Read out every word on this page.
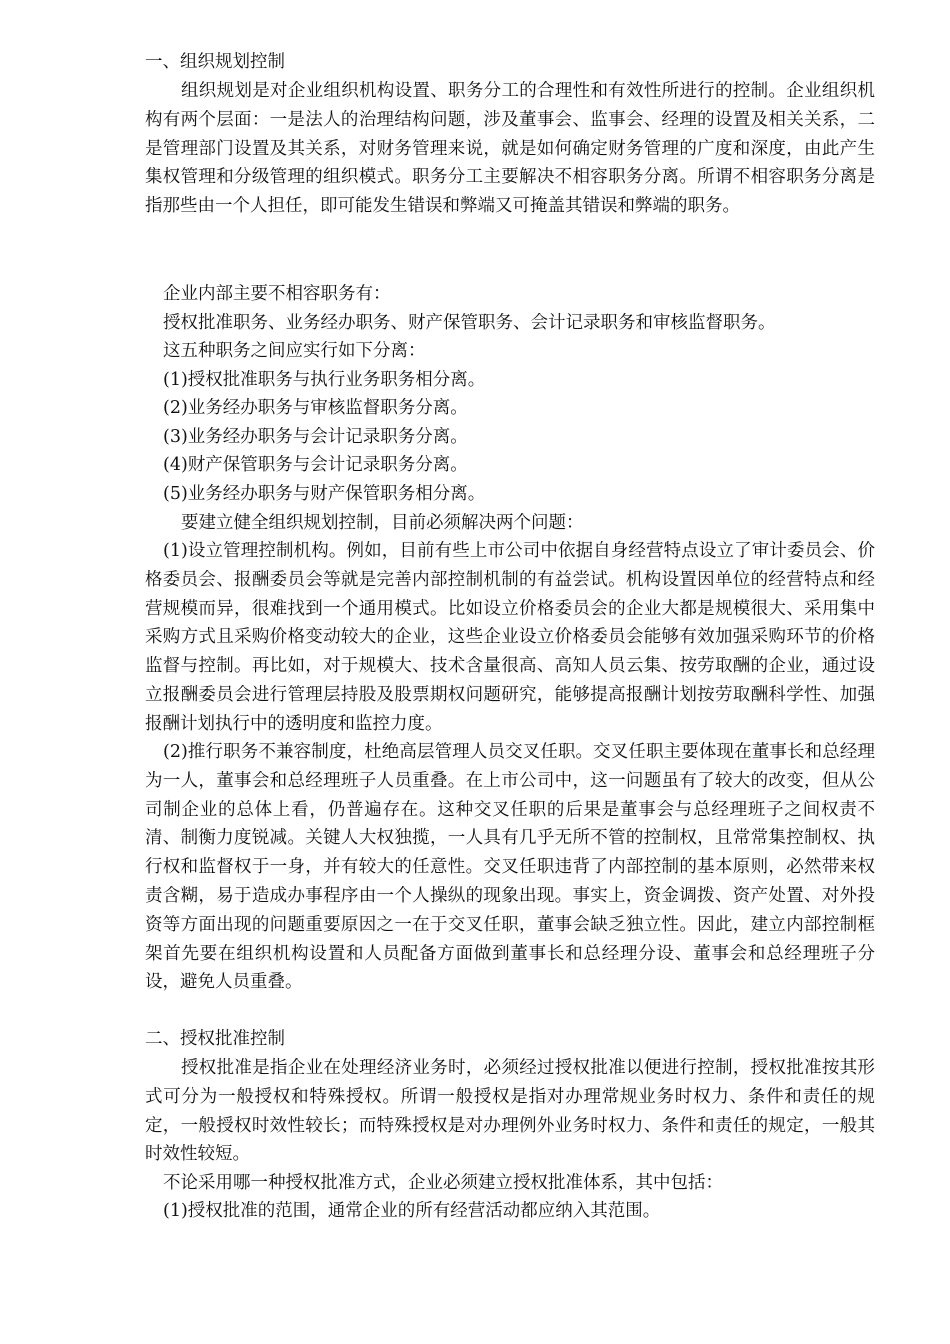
一、组织规划控制

组织规划是对企业组织机构设置、职务分工的合理性和有效性所进行的控制。企业组织机构有两个层面：一是法人的治理结构问题，涉及董事会、监事会、经理的设置及相关关系，二是管理部门设置及其关系，对财务管理来说，就是如何确定财务管理的广度和深度，由此产生集权管理和分级管理的组织模式。职务分工主要解决不相容职务分离。所谓不相容职务分离是指那些由一个人担任，即可能发生错误和弊端又可掩盖其错误和弊端的职务。

企业内部主要不相容职务有：

授权批准职务、业务经办职务、财产保管职务、会计记录职务和审核监督职务。

这五种职务之间应实行如下分离：

(1)授权批准职务与执行业务职务相分离。

(2)业务经办职务与审核监督职务分离。

(3)业务经办职务与会计记录职务分离。

(4)财产保管职务与会计记录职务分离。

(5)业务经办职务与财产保管职务相分离。

要建立健全组织规划控制，目前必须解决两个问题：

(1)设立管理控制机构。例如，目前有些上市公司中依据自身经营特点设立了审计委员会、价格委员会、报酬委员会等就是完善内部控制机制的有益尝试。机构设置因单位的经营特点和经营规模而异，很难找到一个通用模式。比如设立价格委员会的企业大都是规模很大、采用集中采购方式且采购价格变动较大的企业，这些企业设立价格委员会能够有效加强采购环节的价格监督与控制。再比如，对于规模大、技术含量很高、高知人员云集、按劳取酬的企业，通过设立报酬委员会进行管理层持股及股票期权问题研究，能够提高报酬计划按劳取酬科学性、加强报酬计划执行中的透明度和监控力度。

(2)推行职务不兼容制度，杜绝高层管理人员交叉任职。交叉任职主要体现在董事长和总经理为一人，董事会和总经理班子人员重叠。在上市公司中，这一问题虽有了较大的改变，但从公司制企业的总体上看，仍普遍存在。这种交叉任职的后果是董事会与总经理班子之间权责不清、制衡力度锐减。关键人大权独揽，一人具有几乎无所不管的控制权，且常常集控制权、执行权和监督权于一身，并有较大的任意性。交叉任职违背了内部控制的基本原则，必然带来权责含糊，易于造成办事程序由一个人操纵的现象出现。事实上，资金调拨、资产处置、对外投资等方面出现的问题重要原因之一在于交叉任职，董事会缺乏独立性。因此，建立内部控制框架首先要在组织机构设置和人员配备方面做到董事长和总经理分设、董事会和总经理班子分设，避免人员重叠。

二、授权批准控制

授权批准是指企业在处理经济业务时，必须经过授权批准以便进行控制，授权批准按其形式可分为一般授权和特殊授权。所谓一般授权是指对办理常规业务时权力、条件和责任的规定，一般授权时效性较长；而特殊授权是对办理例外业务时权力、条件和责任的规定，一般其时效性较短。

不论采用哪一种授权批准方式，企业必须建立授权批准体系，其中包括：

(1)授权批准的范围，通常企业的所有经营活动都应纳入其范围。
